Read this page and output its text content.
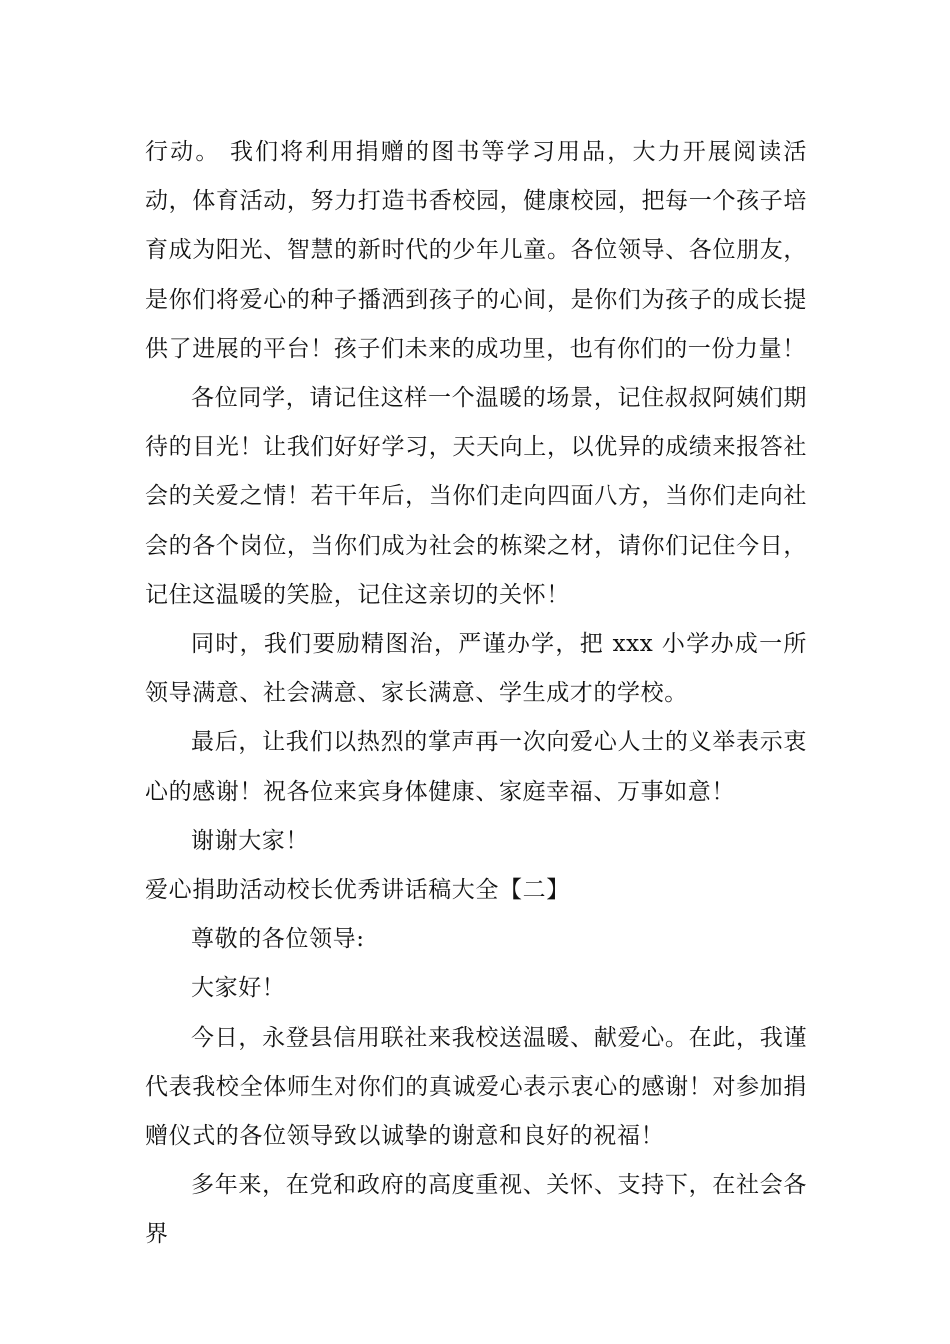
行动。 我们将利用捐赠的图书等学习用品，大力开展阅读活动，体育活动，努力打造书香校园，健康校园，把每一个孩子培育成为阳光、智慧的新时代的少年儿童。各位领导、各位朋友，是你们将爱心的种子播洒到孩子的心间，是你们为孩子的成长提供了进展的平台！孩子们未来的成功里，也有你们的一份力量！

各位同学，请记住这样一个温暖的场景，记住叔叔阿姨们期待的目光！让我们好好学习，天天向上，以优异的成绩来报答社会的关爱之情！若干年后，当你们走向四面八方，当你们走向社会的各个岗位，当你们成为社会的栋梁之材，请你们记住今日，记住这温暖的笑脸，记住这亲切的关怀！

同时，我们要励精图治，严谨办学，把 xxx 小学办成一所领导满意、社会满意、家长满意、学生成才的学校。

最后，让我们以热烈的掌声再一次向爱心人士的义举表示衷心的感谢！祝各位来宾身体健康、家庭幸福、万事如意！

谢谢大家！

爱心捐助活动校长优秀讲话稿大全【二】

尊敬的各位领导:

大家好！

今日，永登县信用联社来我校送温暖、献爱心。在此，我谨代表我校全体师生对你们的真诚爱心表示衷心的感谢！对参加捐赠仪式的各位领导致以诚挚的谢意和良好的祝福！

多年来，在党和政府的高度重视、关怀、支持下，在社会各界
